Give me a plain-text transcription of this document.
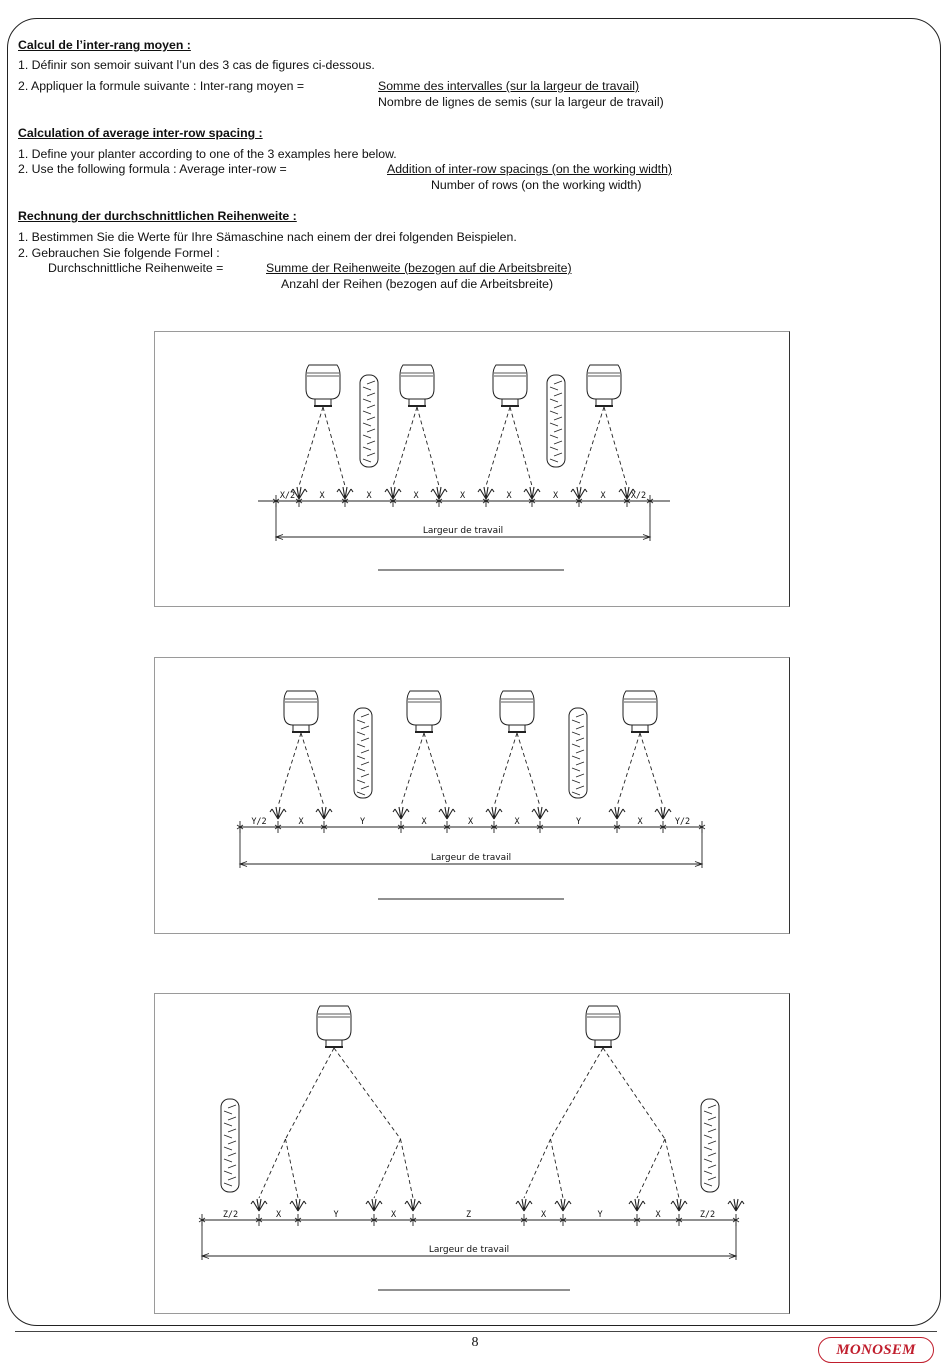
Calcul de l’inter-rang moyen :
1. Définir son semoir suivant l’un des 3 cas de figures ci-dessous.
2. Appliquer la formule suivante : Inter-rang moyen =	Somme des intervalles (sur la largeur de travail)
Nombre de lignes de semis (sur la largeur de travail)
Calculation of average inter-row spacing :
1. Define your planter according to one of the 3 examples here below.
2. Use the following formula : Average inter-row =	Addition of inter-row spacings (on the working width)
Number of rows (on the working width)
Rechnung der durchschnittlichen Reihenweite :
1. Bestimmen Sie die Werte für Ihre Sämaschine nach einem der drei folgenden Beispielen.
2. Gebrauchen Sie folgende Formel :
Durchschnittliche Reihenweite =	Summe der Reihenweite (bezogen auf die Arbeitsbreite)
Anzahl der Reihen (bezogen auf die Arbeitsbreite)
X/2	X	X	X	X	X	X	X	X/2
Largeur de travail
Y/2	X	Y	X	X	X	Y	X	Y/2
Largeur de travail
Z/2	X	Y	X	Z	X	Y	X	Z/2
Largeur de travail
8	MONOSEM
